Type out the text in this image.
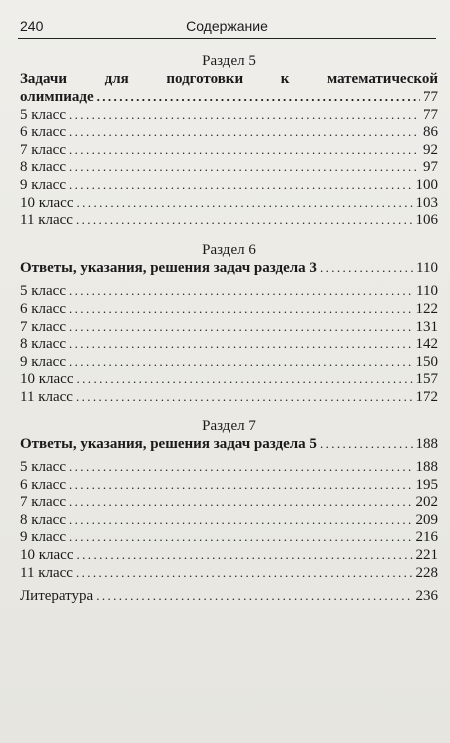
240	Содержание
Раздел 5
Задачи для подготовки к математической
олимпиаде .....	77
5 класс .....	77
6 класс .....	86
7 класс .....	92
8 класс .....	97
9 класс .....	100
10 класс .....	103
11 класс .....	106
Раздел 6
Ответы, указания, решения задач раздела 3 .....	110
5 класс .....	110
6 класс .....	122
7 класс .....	131
8 класс .....	142
9 класс .....	150
10 класс .....	157
11 класс .....	172
Раздел 7
Ответы, указания, решения задач раздела 5 .....	188
5 класс .....	188
6 класс .....	195
7 класс .....	202
8 класс .....	209
9 класс .....	216
10 класс .....	221
11 класс .....	228
Литература .....	236
